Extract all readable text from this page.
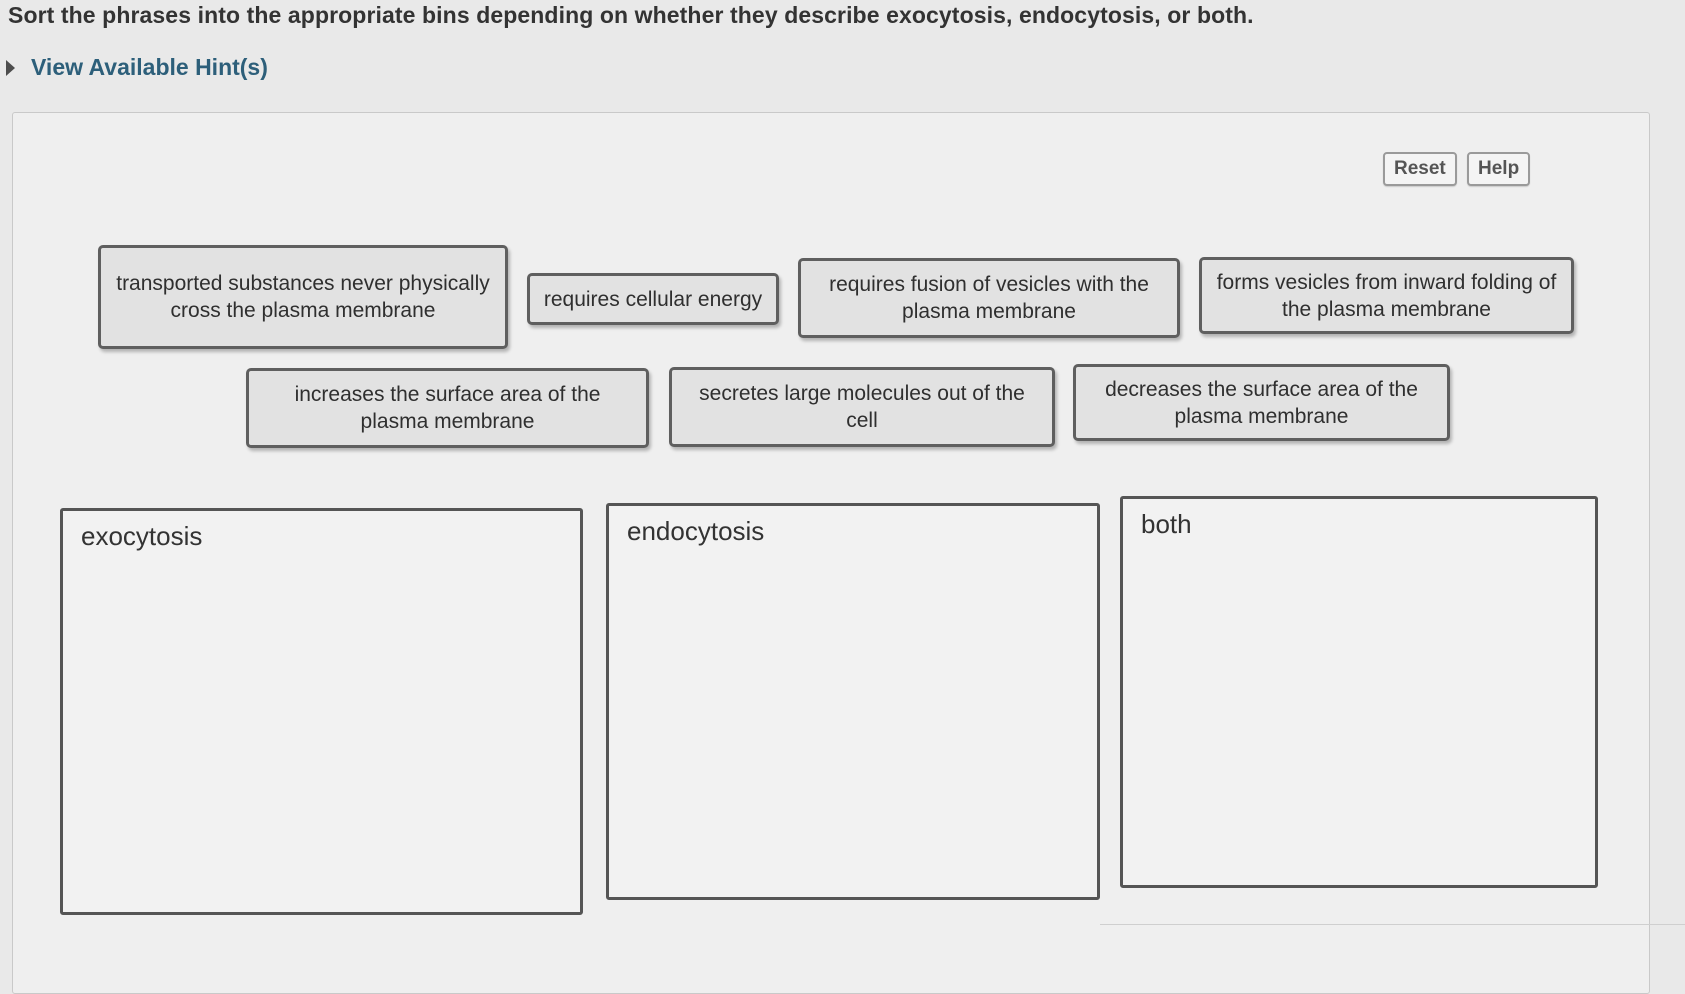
Sort the phrases into the appropriate bins depending on whether they describe exocytosis, endocytosis, or both.
View Available Hint(s)
Reset	Help
transported substances never physically cross the plasma membrane	requires cellular energy
requires fusion of vesicles with the plasma membrane
forms vesicles from inward folding of the plasma membrane
increases the surface area of the plasma membrane
secretes large molecules out of the cell
decreases the surface area of the plasma membrane
exocytosis	endocytosis	both
